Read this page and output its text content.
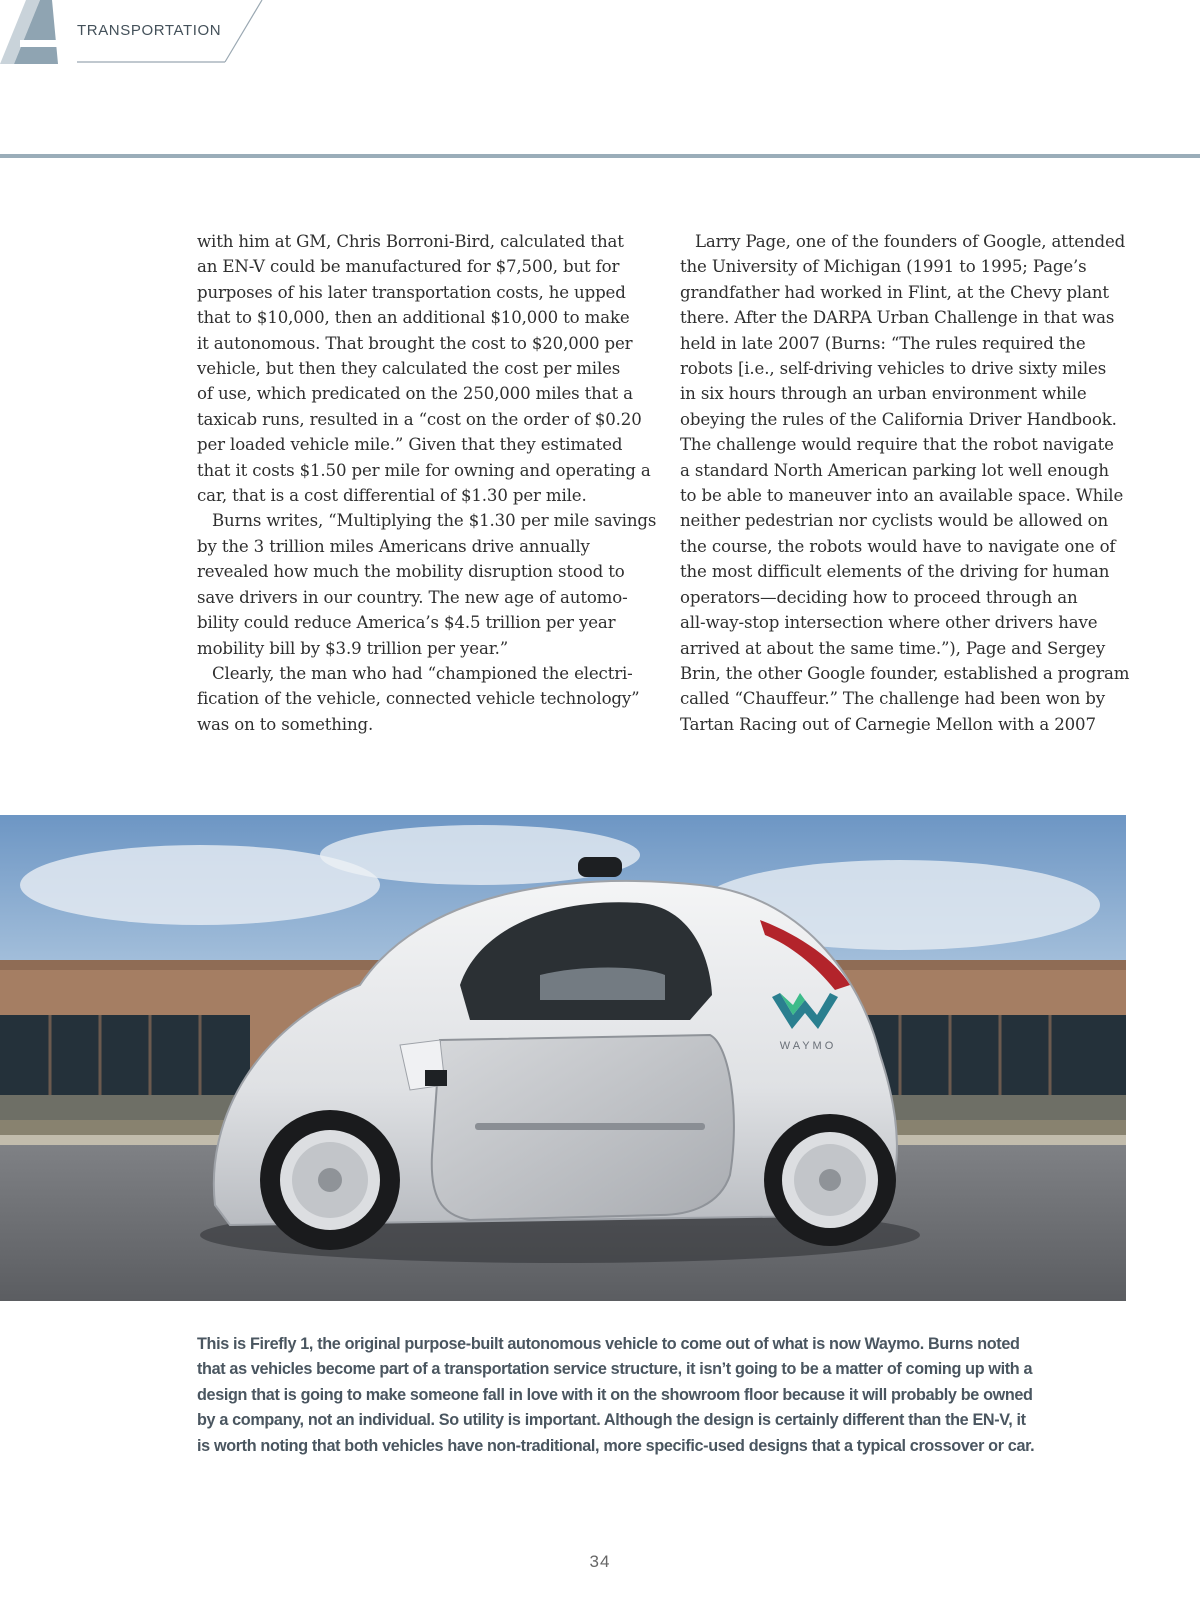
TRANSPORTATION
with him at GM, Chris Borroni-Bird, calculated that
an EN-V could be manufactured for $7,500, but for
purposes of his later transportation costs, he upped
that to $10,000, then an additional $10,000 to make
it autonomous. That brought the cost to $20,000 per
vehicle, but then they calculated the cost per miles
of use, which predicated on the 250,000 miles that a
taxicab runs, resulted in a “cost on the order of $0.20
per loaded vehicle mile.” Given that they estimated
that it costs $1.50 per mile for owning and operating a
car, that is a cost differential of $1.30 per mile.
Burns writes, “Multiplying the $1.30 per mile savings
by the 3 trillion miles Americans drive annually
revealed how much the mobility disruption stood to
save drivers in our country. The new age of automo-
bility could reduce America’s $4.5 trillion per year
mobility bill by $3.9 trillion per year.”
Clearly, the man who had “championed the electri-
fication of the vehicle, connected vehicle technology”
was on to something.
Larry Page, one of the founders of Google, attended
the University of Michigan (1991 to 1995; Page’s
grandfather had worked in Flint, at the Chevy plant
there. After the DARPA Urban Challenge in that was
held in late 2007 (Burns: “The rules required the
robots [i.e., self-driving vehicles to drive sixty miles
in six hours through an urban environment while
obeying the rules of the California Driver Handbook.
The challenge would require that the robot navigate
a standard North American parking lot well enough
to be able to maneuver into an available space. While
neither pedestrian nor cyclists would be allowed on
the course, the robots would have to navigate one of
the most difficult elements of the driving for human
operators—deciding how to proceed through an
all-way-stop intersection where other drivers have
arrived at about the same time.”), Page and Sergey
Brin, the other Google founder, established a program
called “Chauffeur.” The challenge had been won by
Tartan Racing out of Carnegie Mellon with a 2007
WAYMO
This is Firefly 1, the original purpose-built autonomous vehicle to come out of what is now Waymo. Burns noted
that as vehicles become part of a transportation service structure, it isn’t going to be a matter of coming up with a
design that is going to make someone fall in love with it on the showroom floor because it will probably be owned
by a company, not an individual. So utility is important. Although the design is certainly different than the EN-V, it
is worth noting that both vehicles have non-traditional, more specific-used designs that a typical crossover or car.
34
